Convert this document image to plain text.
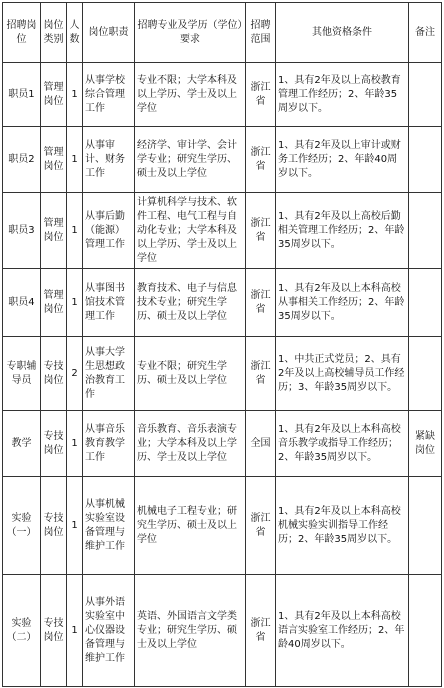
招聘岗位	岗位类别	人数	岗位职责	招聘专业及学历（学位）要求	招聘范围	其他资格条件	备注
职员1	管理岗位	1	从事学校综合管理工作	专业不限；大学本科及以上学历、学士及以上学位	浙江省	1、具有2年及以上高校教育管理工作经历；2、年龄35周岁以下。	
职员2	管理岗位	1	从事审计、财务工作	经济学、审计学、会计学专业；研究生学历、硕士及以上学位	浙江省	1、具有2年及以上审计或财务工作经历；2、年龄40周岁以下。	
职员3	管理岗位	1	从事后勤（能源）管理工作	计算机科学与技术、软件工程、电气工程与自动化专业；大学本科及以上学历、学士及以上学位	浙江省	1、具有2年及以上高校后勤相关管理工作经历；2、年龄35周岁以下。	
职员4	管理岗位	1	从事图书馆技术管理工作	教育技术、电子与信息技术专业；研究生学历、硕士及以上学位	浙江省	1、具有2年及以上本科高校从事相关工作经历；2、年龄35周岁以下。	
专职辅导员	专技岗位	2	从事大学生思想政治教育工作	专业不限；研究生学历、硕士及以上学位	浙江省	1、中共正式党员；2、具有2年及以上高校辅导员工作经历；3、年龄35周岁以下。	
教学	专技岗位	1	从事音乐教育教学工作	音乐教育、音乐表演专业；大学本科及以上学历、学士及以上学位	全国	1、具有2年及以上本科高校音乐教学或指导工作经历；2、年龄35周岁以下。	紧缺岗位
实验（一）	专技岗位	1	从事机械实验室设备管理与维护工作	机械电子工程专业；研究生学历、硕士及以上学位	浙江省	1、具有2年及以上本科高校机械实验实训指导工作经历；2、年龄35周岁以下。	
实验（二）	专技岗位	1	从事外语实验室中心仪器设备管理与维护工作	英语、外国语言文学类专业；研究生学历、硕士及以上学位	浙江省	1、具有2年及以上本科高校语言实验室工作经历；2、年龄40周岁以下。	
